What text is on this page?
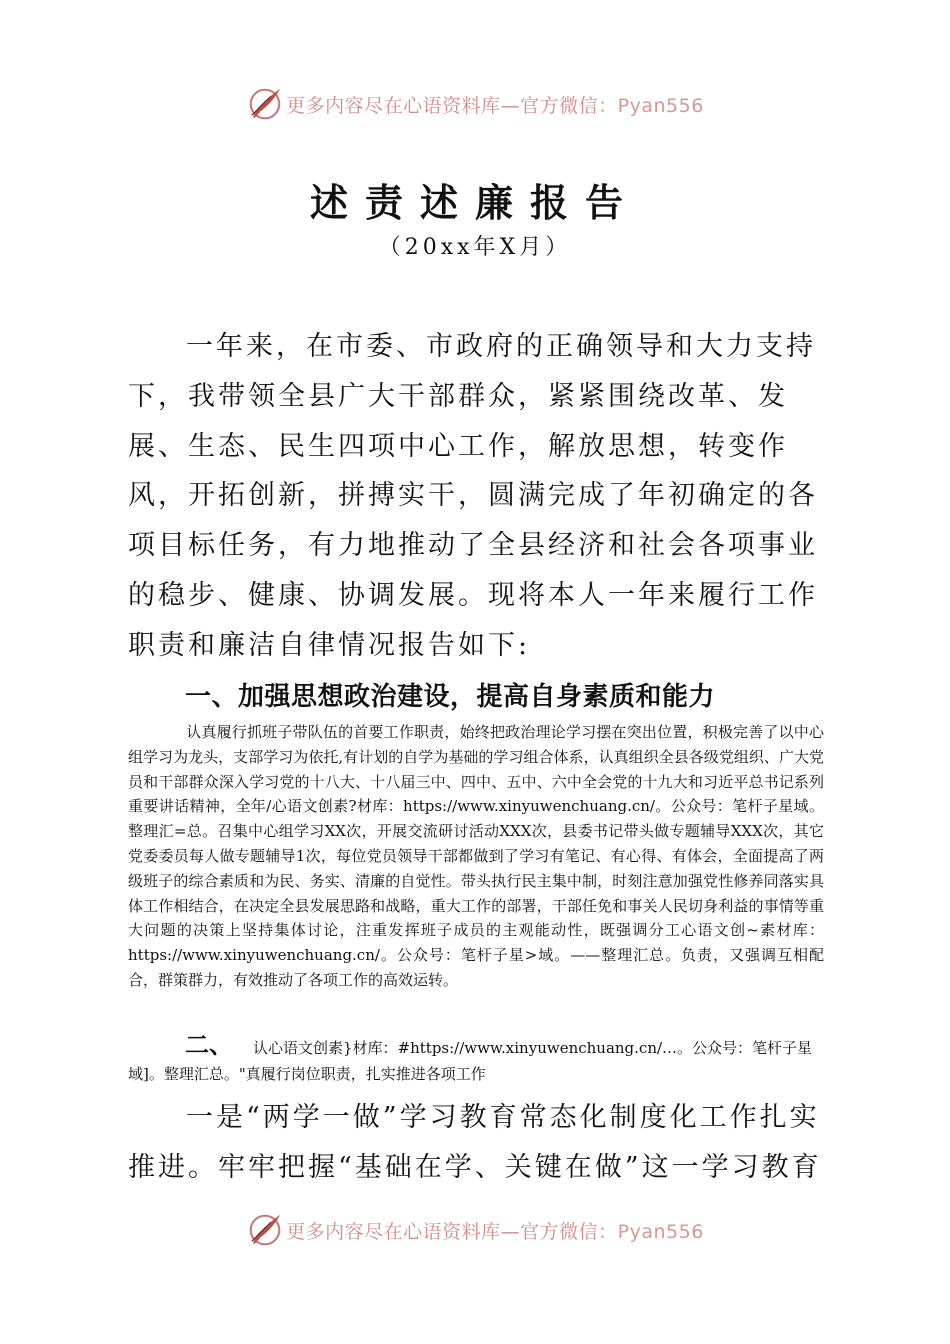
更多内容尽在心语资料库—官方微信：Pyan556
述责述廉报告
（20xx年X月）

一年来，在市委、市政府的正确领导和大力支持下，我带领全县广大干部群众，紧紧围绕改革、发展、生态、民生四项中心工作，解放思想，转变作风，开拓创新，拼搏实干，圆满完成了年初确定的各项目标任务，有力地推动了全县经济和社会各项事业的稳步、健康、协调发展。现将本人一年来履行工作职责和廉洁自律情况报告如下:

一、加强思想政治建设，提高自身素质和能力

认真履行抓班子带队伍的首要工作职责，始终把政治理论学习摆在突出位置，积极完善了以中心组学习为龙头，支部学习为依托,有计划的自学为基础的学习组合体系，认真组织全县各级党组织、广大党员和干部群众深入学习党的十八大、十八届三中、四中、五中、六中全会党的十九大和习近平总书记系列重要讲话精神，全年/心语文创素?材库：https://www.xinyuwenchuang.cn/。公众号：笔杆子星域。整理汇=总。召集中心组学习XX次，开展交流研讨活动XXX次，县委书记带头做专题辅导XXX次，其它党委委员每人做专题辅导1次，每位党员领导干部都做到了学习有笔记、有心得、有体会，全面提高了两级班子的综合素质和为民、务实、清廉的自觉性。带头执行民主集中制，时刻注意加强党性修养同落实具体工作相结合，在决定全县发展思路和战略，重大工作的部署，干部任免和事关人民切身利益的事情等重大问题的决策上坚持集体讨论，注重发挥班子成员的主观能动性，既强调分工心语文创~素材库：https://www.xinyuwenchuang.cn/。公众号：笔杆子星>域。——整理汇总。负责，又强调互相配合，群策群力，有效推动了各项工作的高效运转。

二、 认心语文创素}材库：#https://www.xinyuwenchuang.cn/…。公众号：笔杆子星域]。整理汇总。"真履行岗位职责，扎实推进各项工作

一是“两学一做”学习教育常态化制度化工作扎实推进。牢牢把握“基础在学、关键在做”这一学习教育

更多内容尽在心语资料库—官方微信：Pyan556
